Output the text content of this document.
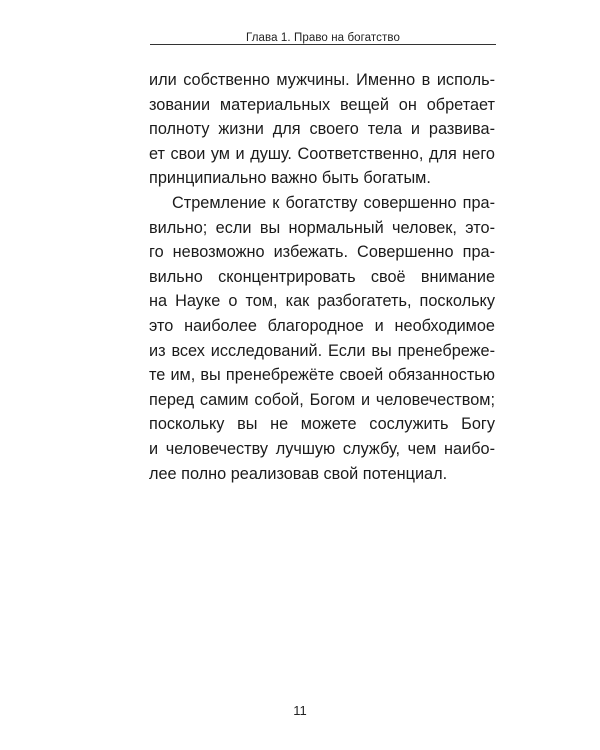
Глава 1. Право на богатство
или собственно мужчины. Именно в исполь-
зовании материальных вещей он обретает
полноту жизни для своего тела и развива-
ет свои ум и душу. Соответственно, для него
принципиально важно быть богатым.
Стремление к богатству совершенно пра-
вильно; если вы нормальный человек, это-
го невозможно избежать. Совершенно пра-
вильно сконцентрировать своё внимание
на Науке о том, как разбогатеть, поскольку
это наиболее благородное и необходимое
из всех исследований. Если вы пренебреже-
те им, вы пренебрежёте своей обязанностью
перед самим собой, Богом и человечеством;
поскольку вы не можете сослужить Богу
и человечеству лучшую службу, чем наибо-
лее полно реализовав свой потенциал.
11
